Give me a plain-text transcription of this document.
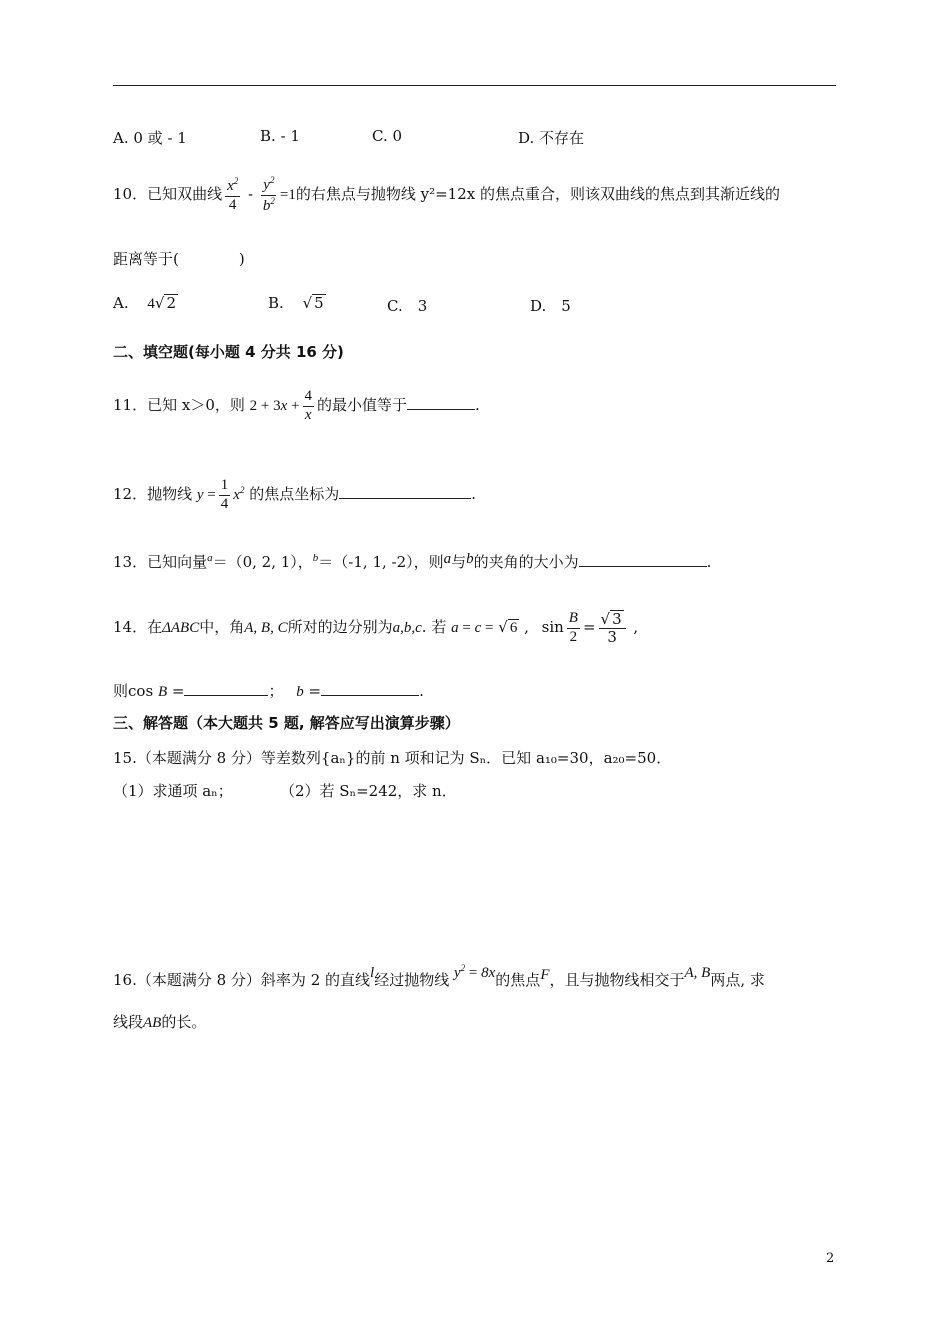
A. 0 或 - 1	B. - 1	C. 0	D. 不存在
10．已知双曲线 $\frac{x^2}{4} - \frac{y^2}{b^2} =1$的右焦点与抛物线 y²=12x 的焦点重合，则该双曲线的焦点到其渐近线的
距离等于(　　　　)
A. 4√ 2	B. √ 5	C.　3	D.　5
二、填空题(每小题 4 分共 16 分)
11．已知 x＞0，则 $2 + 3x + \frac{4}{x}$ 的最小值等于	.
12．抛物线 $y = \frac{1}{4} x^2$ 的焦点坐标为	.
13．已知向量$^a$＝（0, 2, 1），$^b$＝（-1, 1, -2），则a与b的夹角的大小为	.
14．在ΔABC中，角A, B, C所对的边分别为a,b,c. 若 a = c = √ 6 , $\sin \frac{B}{2} = \frac{√ 3}{3}$ ,
则cos B =	； b =	.
三、解答题（本大题共 5 题, 解答应写出演算步骤）
15.（本题满分 8 分）等差数列{aₙ}的前 n 项和记为 Sₙ．已知 a₁₀=30，a₂₀=50．
（1）求通项 aₙ；	（2）若 Sₙ=242，求 n．
16.（本题满分 8 分）斜率为 2 的直线l经过抛物线 $y^2 = 8x$的焦点F，且与抛物线相交于A, B两点, 求
线段AB的长。
2
